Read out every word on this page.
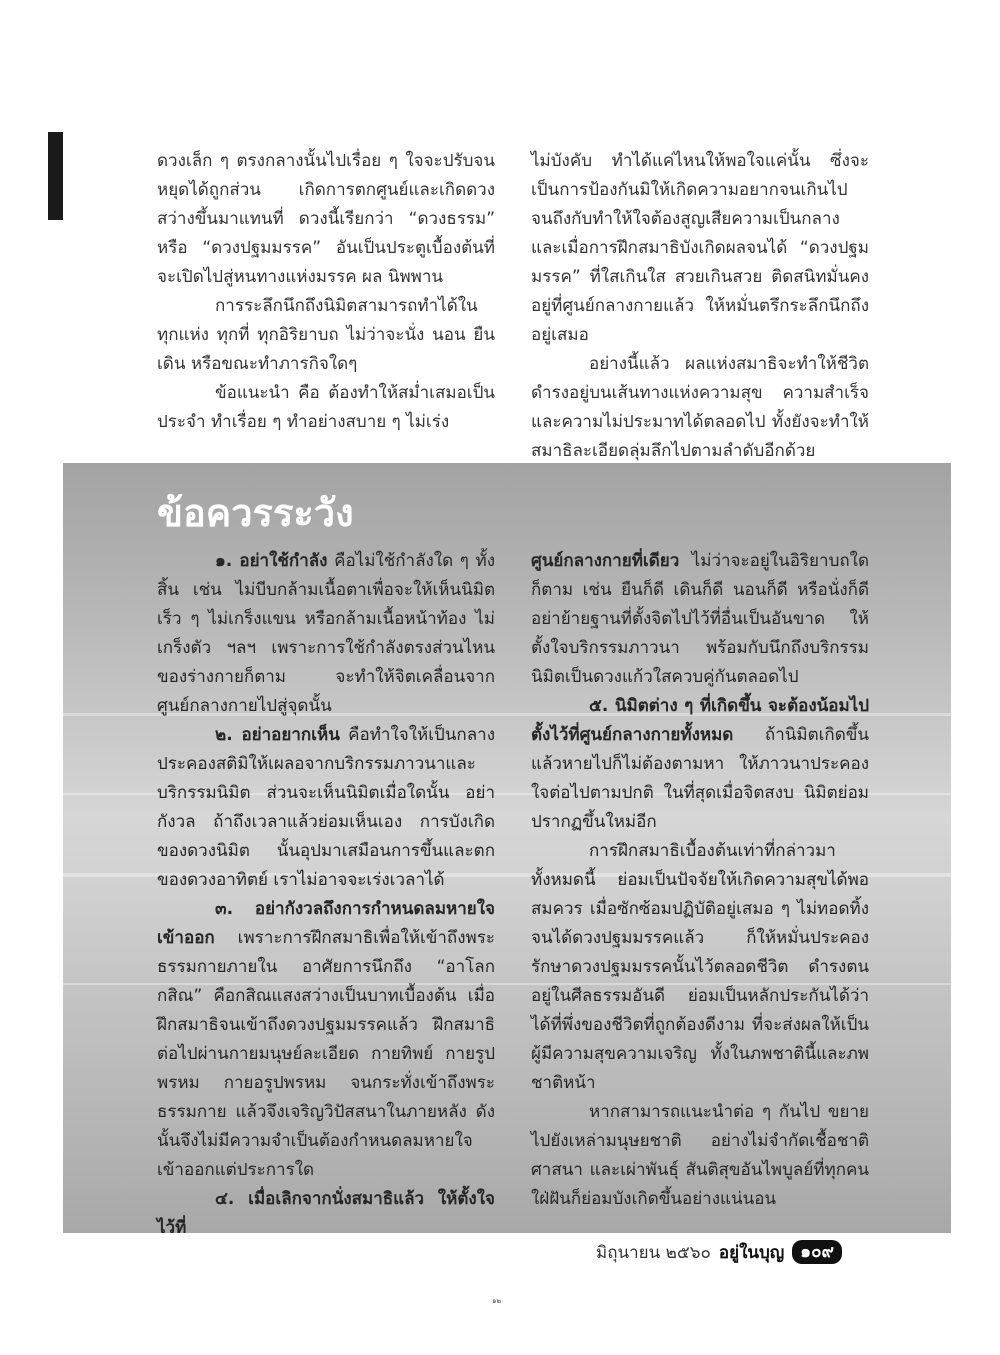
ดวงเล็ก ๆ ตรงกลางนั้นไปเรื่อย ๆ ใจจะปรับจนหยุดได้ถูกส่วน เกิดการตกศูนย์และเกิดดวงสว่างขึ้นมาแทนที่ ดวงนี้เรียกว่า “ดวงธรรม” หรือ “ดวงปฐมมรรค” อันเป็นประตูเบื้องต้นที่จะเปิดไปสู่หนทางแห่งมรรค ผล นิพพาน

การระลึกนึกถึงนิมิตสามารถทำได้ในทุกแห่ง ทุกที่ ทุกอิริยาบถ ไม่ว่าจะนั่ง นอน ยืน เดิน หรือขณะทำภารกิจใดๆ

ข้อแนะนำ คือ ต้องทำให้สม่ำเสมอเป็นประจำ ทำเรื่อย ๆ ทำอย่างสบาย ๆ ไม่เร่ง

ไม่บังคับ ทำได้แค่ไหนให้พอใจแค่นั้น ซึ่งจะเป็นการป้องกันมิให้เกิดความอยากจนเกินไป จนถึงกับทำให้ใจต้องสูญเสียความเป็นกลาง และเมื่อการฝึกสมาธิบังเกิดผลจนได้ “ดวงปฐมมรรค” ที่ใสเกินใส สวยเกินสวย ติดสนิทมั่นคงอยู่ที่ศูนย์กลางกายแล้ว ให้หมั่นตรึกระลึกนึกถึงอยู่เสมอ

อย่างนี้แล้ว ผลแห่งสมาธิจะทำให้ชีวิตดำรงอยู่บนเส้นทางแห่งความสุข ความสำเร็จและความไม่ประมาทได้ตลอดไป ทั้งยังจะทำให้สมาธิละเอียดลุ่มลึกไปตามลำดับอีกด้วย

ข้อควรระวัง

๑. อย่าใช้กำลัง คือไม่ใช้กำลังใด ๆ ทั้งสิ้น เช่น ไม่บีบกล้ามเนื้อตาเพื่อจะให้เห็นนิมิตเร็ว ๆ ไม่เกร็งแขน หรือกล้ามเนื้อหน้าท้อง ไม่เกร็งตัว ฯลฯ เพราะการใช้กำลังตรงส่วนไหนของร่างกายก็ตาม จะทำให้จิตเคลื่อนจากศูนย์กลางกายไปสู่จุดนั้น

๒. อย่าอยากเห็น คือทำใจให้เป็นกลาง ประคองสติมิให้เผลอจากบริกรรมภาวนาและบริกรรมนิมิต ส่วนจะเห็นนิมิตเมื่อใดนั้น อย่ากังวล ถ้าถึงเวลาแล้วย่อมเห็นเอง การบังเกิดของดวงนิมิต นั้นอุปมาเสมือนการขึ้นและตกของดวงอาทิตย์ เราไม่อาจจะเร่งเวลาได้

๓. อย่ากังวลถึงการกำหนดลมหายใจเข้าออก เพราะการฝึกสมาธิเพื่อให้เข้าถึงพระธรรมกายภายใน อาศัยการนึกถึง “อาโลกกสิณ” คือกสิณแสงสว่างเป็นบาทเบื้องต้น เมื่อฝึกสมาธิจนเข้าถึงดวงปฐมมรรคแล้ว ฝึกสมาธิต่อไปผ่านกายมนุษย์ละเอียด กายทิพย์ กายรูปพรหม กายอรูปพรหม จนกระทั่งเข้าถึงพระธรรมกาย แล้วจึงเจริญวิปัสสนาในภายหลัง ดังนั้นจึงไม่มีความจำเป็นต้องกำหนดลมหายใจเข้าออกแต่ประการใด

๔. เมื่อเลิกจากนั่งสมาธิแล้ว ให้ตั้งใจไว้ที่

ศูนย์กลางกายที่เดียว ไม่ว่าจะอยู่ในอิริยาบถใดก็ตาม เช่น ยืนก็ดี เดินก็ดี นอนก็ดี หรือนั่งก็ดี อย่าย้ายฐานที่ตั้งจิตไปไว้ที่อื่นเป็นอันขาด ให้ตั้งใจบริกรรมภาวนา พร้อมกับนึกถึงบริกรรมนิมิตเป็นดวงแก้วใสควบคู่กันตลอดไป

๕. นิมิตต่าง ๆ ที่เกิดขึ้น จะต้องน้อมไปตั้งไว้ที่ศูนย์กลางกายทั้งหมด ถ้านิมิตเกิดขึ้นแล้วหายไปก็ไม่ต้องตามหา ให้ภาวนาประคองใจต่อไปตามปกติ ในที่สุดเมื่อจิตสงบ นิมิตย่อมปรากฏขึ้นใหม่อีก

การฝึกสมาธิเบื้องต้นเท่าที่กล่าวมาทั้งหมดนี้ ย่อมเป็นปัจจัยให้เกิดความสุขได้พอสมควร เมื่อซักซ้อมปฏิบัติอยู่เสมอ ๆ ไม่ทอดทิ้ง จนได้ดวงปฐมมรรคแล้ว ก็ให้หมั่นประคองรักษาดวงปฐมมรรคนั้นไว้ตลอดชีวิต ดำรงตนอยู่ในศีลธรรมอันดี ย่อมเป็นหลักประกันได้ว่า ได้ที่พึ่งของชีวิตที่ถูกต้องดีงาม ที่จะส่งผลให้เป็นผู้มีความสุขความเจริญ ทั้งในภพชาตินี้และภพชาติหน้า

หากสามารถแนะนำต่อ ๆ กันไป ขยายไปยังเหล่ามนุษยชาติ อย่างไม่จำกัดเชื้อชาติ ศาสนา และเผ่าพันธุ์ สันติสุขอันไพบูลย์ที่ทุกคนใฝ่ฝันก็ย่อมบังเกิดขึ้นอย่างแน่นอน

มิถุนายน ๒๕๖๐ อยู่ในบุญ ๑๐๙
๑๒
